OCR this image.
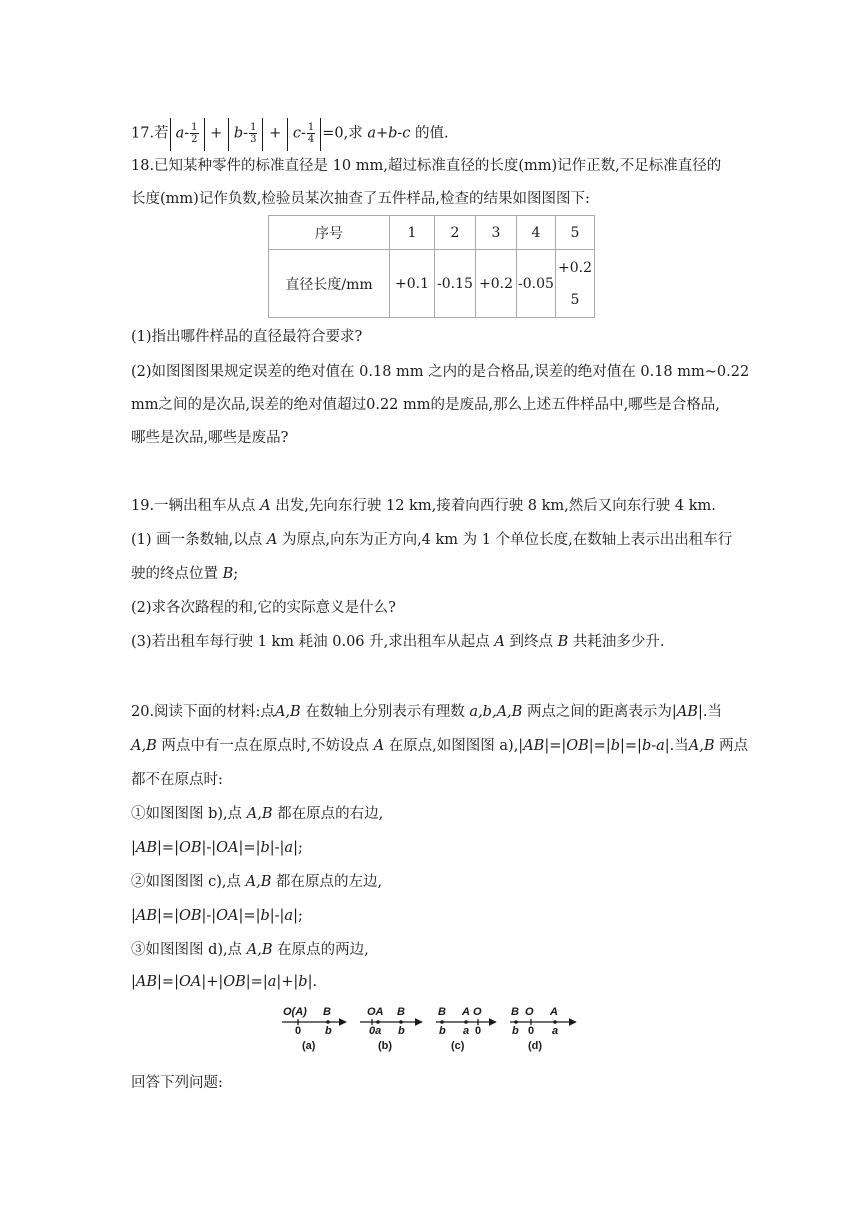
17.若 $a- \frac{1}{2} + b- \frac{1}{3} + c- \frac{1}{4} =0$,求 a+b-c 的值.
18.已知某种零件的标准直径是 10 mm,超过标准直径的长度(mm)记作正数,不足标准直径的
长度(mm)记作负数,检验员某次抽查了五件样品,检查的结果如图图图下:
序号	1	2	3	4	5
直径长度/mm	+0.1	-0.15	+0.2	-0.05	+0.2
5
(1)指出哪件样品的直径最符合要求?
(2)如图图图果规定误差的绝对值在 0.18 mm 之内的是合格品,误差的绝对值在 0.18 mm~0.22
mm之间的是次品,误差的绝对值超过0.22 mm的是废品,那么上述五件样品中,哪些是合格品,
哪些是次品,哪些是废品?
19.一辆出租车从点 A 出发,先向东行驶 12 km,接着向西行驶 8 km,然后又向东行驶 4 km.
(1) 画一条数轴,以点 A 为原点,向东为正方向,4 km 为 1 个单位长度,在数轴上表示出出租车行
驶的终点位置 B;
(2)求各次路程的和,它的实际意义是什么?
(3)若出租车每行驶 1 km 耗油 0.06 升,求出租车从起点 A 到终点 B 共耗油多少升.
20.阅读下面的材料:点A,B 在数轴上分别表示有理数 a,b,A,B 两点之间的距离表示为|AB|.当
A,B 两点中有一点在原点时,不妨设点 A 在原点,如图图图 a),|AB|=|OB|=|b|=|b-a|.当A,B 两点
都不在原点时:
①如图图图 b),点 A,B 都在原点的右边,
|AB|=|OB|-|OA|=|b|-|a|;
②如图图图 c),点 A,B 都在原点的左边,
|AB|=|OB|-|OA|=|b|-|a|;
③如图图图 d),点 A,B 在原点的两边,
|AB|=|OA|+|OB|=|a|+|b|.
O(A) B
0 b
(a)
OA B
0a b
(b)
B A O
b a 0
(c)
B O A
b 0 a
(d)
回答下列问题:
